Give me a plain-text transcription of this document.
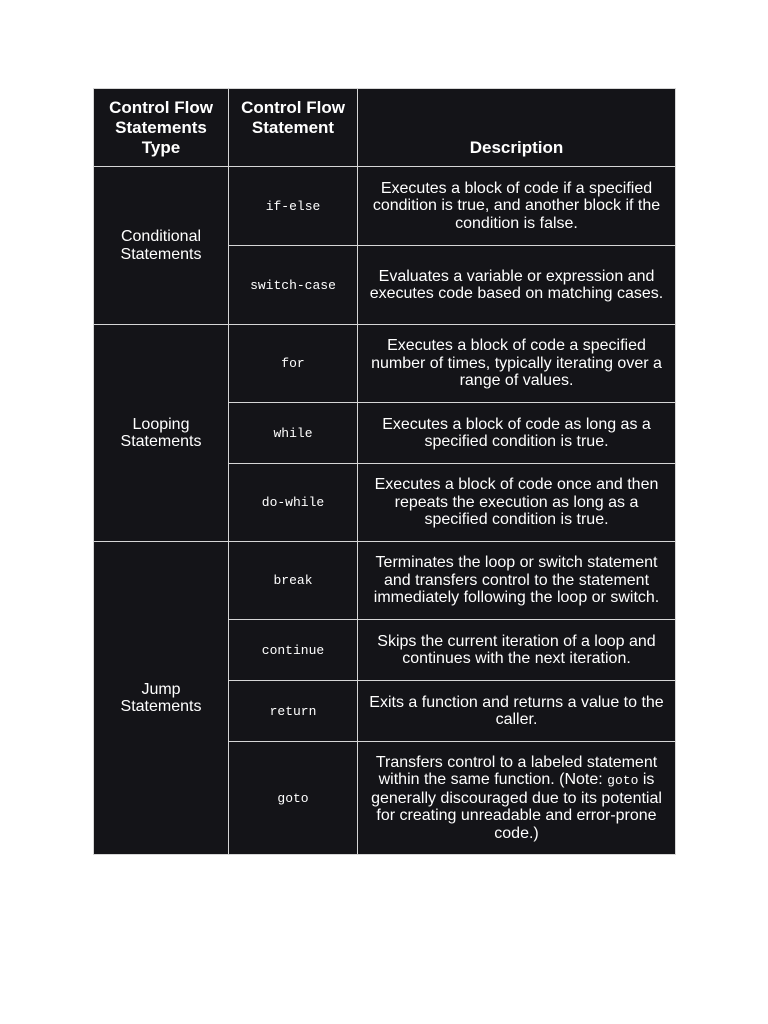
Control Flow Statements Type	Control Flow Statement	Description
Conditional Statements	if-else	Executes a block of code if a specified condition is true, and another block if the condition is false.
	switch-case	Evaluates a variable or expression and executes code based on matching cases.
Looping Statements	for	Executes a block of code a specified number of times, typically iterating over a range of values.
	while	Executes a block of code as long as a specified condition is true.
	do-while	Executes a block of code once and then repeats the execution as long as a specified condition is true.
Jump Statements	break	Terminates the loop or switch statement and transfers control to the statement immediately following the loop or switch.
	continue	Skips the current iteration of a loop and continues with the next iteration.
	return	Exits a function and returns a value to the caller.
	goto	Transfers control to a labeled statement within the same function. (Note: goto is generally discouraged due to its potential for creating unreadable and error-prone code.)
